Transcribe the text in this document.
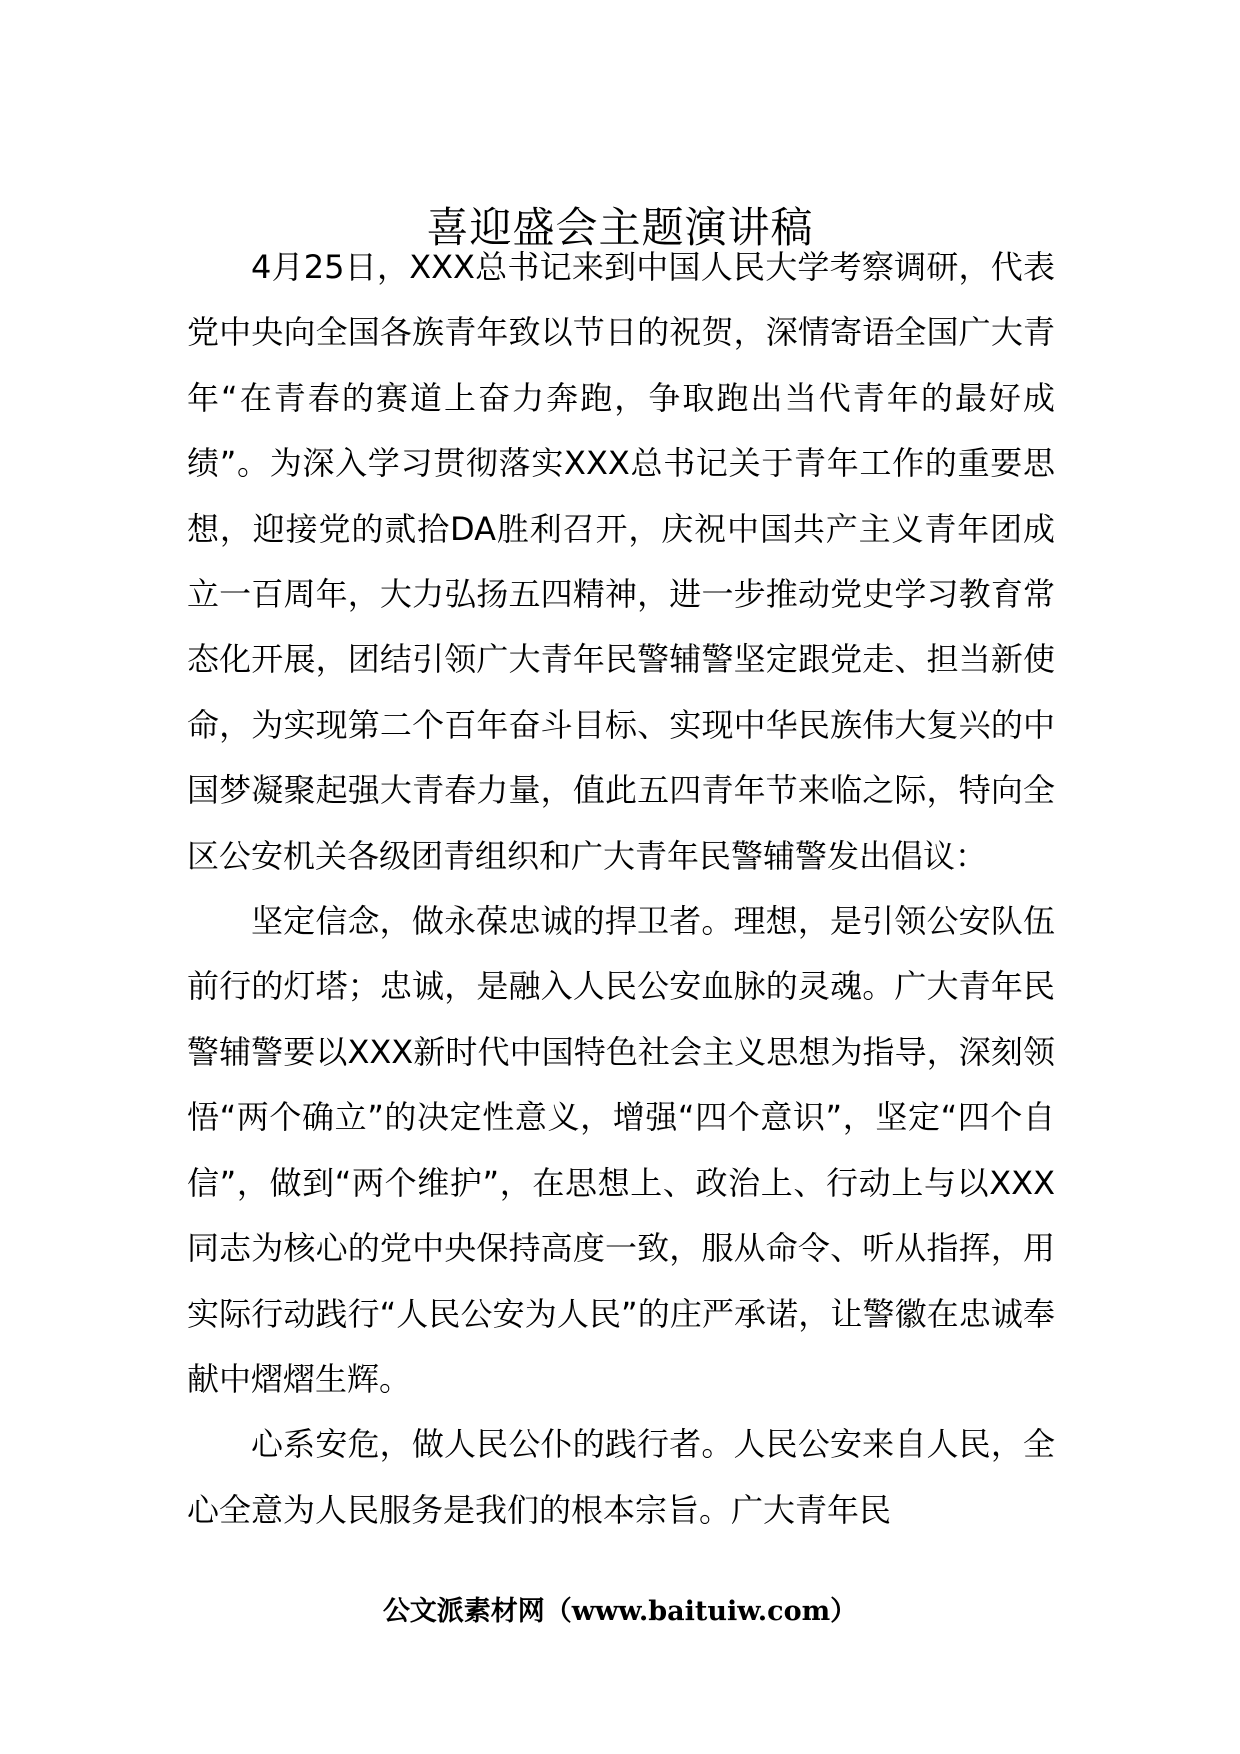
喜迎盛会主题演讲稿

4月25日，XXX总书记来到中国人民大学考察调研，代表党中央向全国各族青年致以节日的祝贺，深情寄语全国广大青年“在青春的赛道上奋力奔跑，争取跑出当代青年的最好成绩”。为深入学习贯彻落实XXX总书记关于青年工作的重要思想，迎接党的贰拾DA胜利召开，庆祝中国共产主义青年团成立一百周年，大力弘扬五四精神，进一步推动党史学习教育常态化开展，团结引领广大青年民警辅警坚定跟党走、担当新使命，为实现第二个百年奋斗目标、实现中华民族伟大复兴的中国梦凝聚起强大青春力量，值此五四青年节来临之际，特向全区公安机关各级团青组织和广大青年民警辅警发出倡议：

坚定信念，做永葆忠诚的捍卫者。理想，是引领公安队伍前行的灯塔；忠诚，是融入人民公安血脉的灵魂。广大青年民警辅警要以XXX新时代中国特色社会主义思想为指导，深刻领悟“两个确立”的决定性意义，增强“四个意识”，坚定“四个自信”，做到“两个维护”，在思想上、政治上、行动上与以XXX同志为核心的党中央保持高度一致，服从命令、听从指挥，用实际行动践行“人民公安为人民”的庄严承诺，让警徽在忠诚奉献中熠熠生辉。

心系安危，做人民公仆的践行者。人民公安来自人民，全心全意为人民服务是我们的根本宗旨。广大青年民

公文派素材网（www.baituiw.com）
